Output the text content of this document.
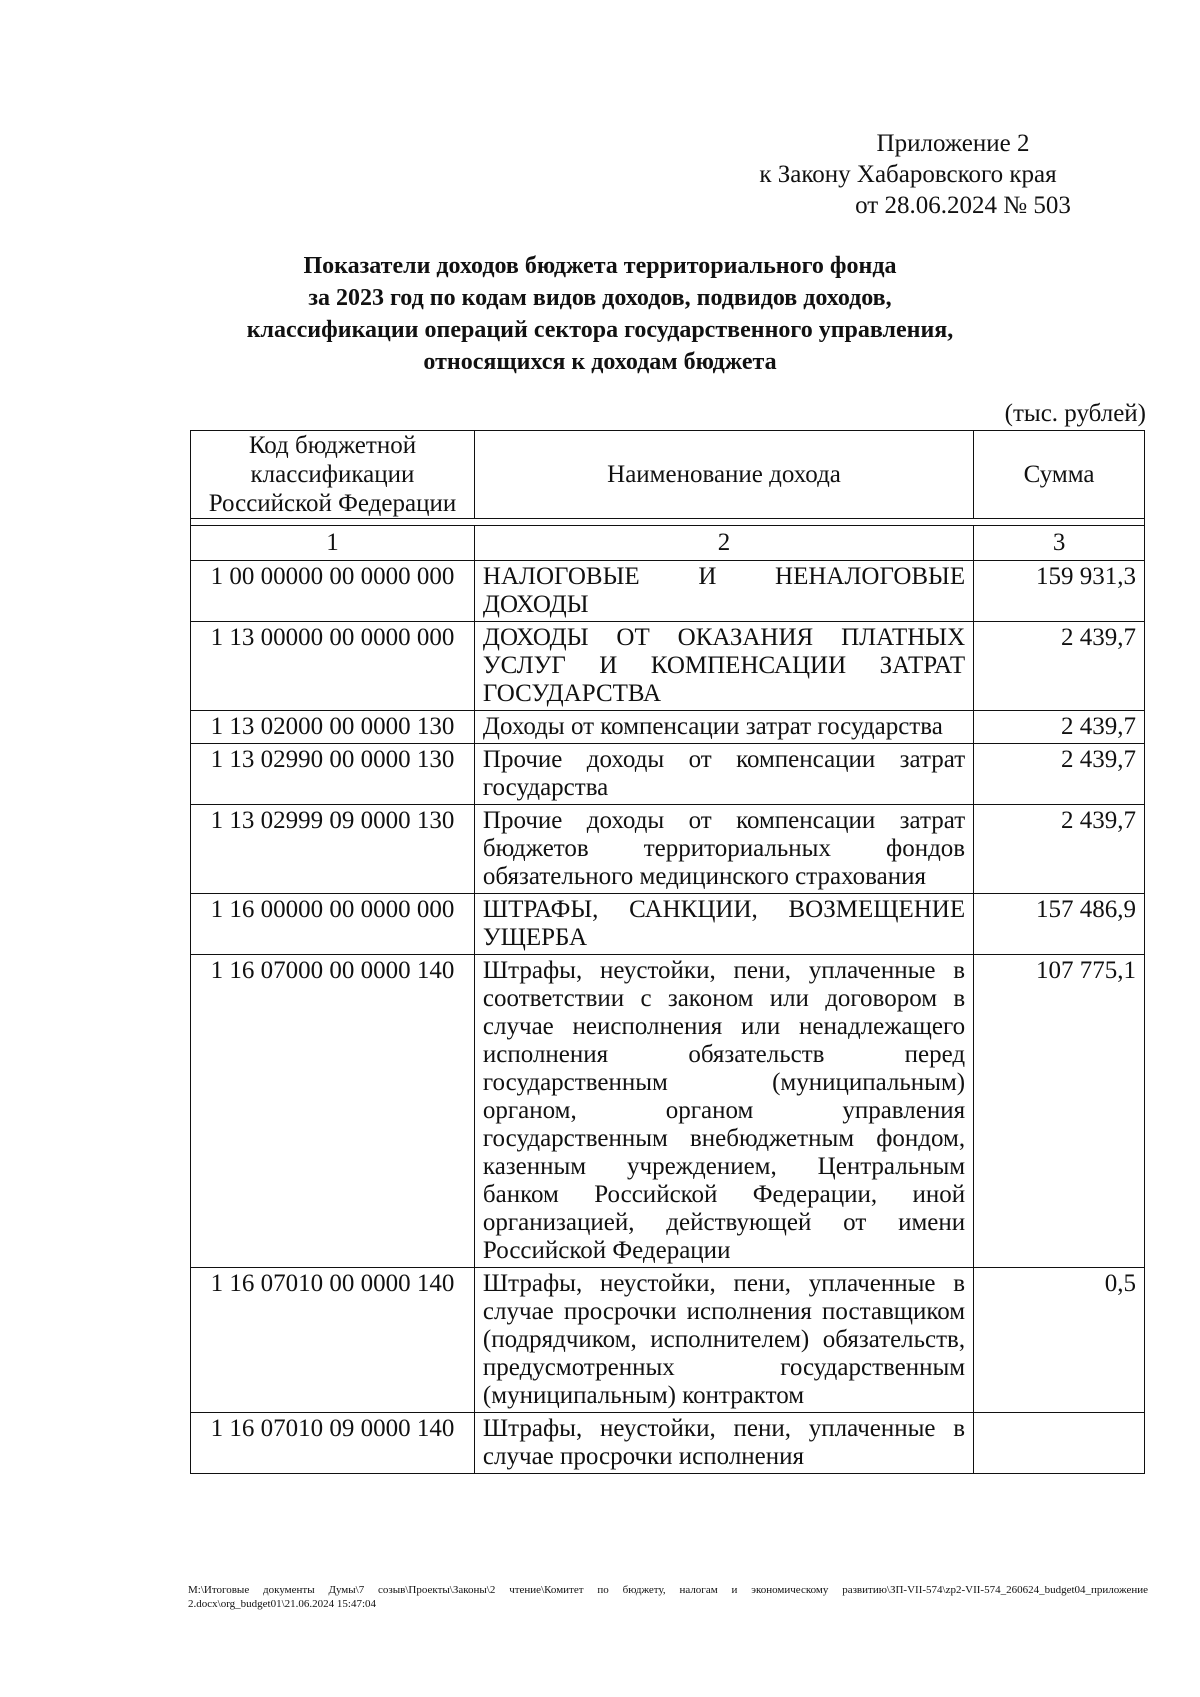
Приложение 2
к Закону Хабаровского края
от 28.06.2024 № 503
Показатели доходов бюджета территориального фонда
за 2023 год по кодам видов доходов, подвидов доходов,
классификации операций сектора государственного управления,
относящихся к доходам бюджета
(тыс. рублей)
Код бюджетной классификации Российской Федерации	Наименование дохода	Сумма

1	2	3
1 00 00000 00 0000 000	НАЛОГОВЫЕ И НЕНАЛОГОВЫЕ ДОХОДЫ	159 931,3
1 13 00000 00 0000 000	ДОХОДЫ ОТ ОКАЗАНИЯ ПЛАТНЫХ УСЛУГ И КОМПЕНСАЦИИ ЗАТРАТ ГОСУДАРСТВА	2 439,7
1 13 02000 00 0000 130	Доходы от компенсации затрат государства	2 439,7
1 13 02990 00 0000 130	Прочие доходы от компенсации затрат государства	2 439,7
1 13 02999 09 0000 130	Прочие доходы от компенсации затрат бюджетов территориальных фондов обязательного медицинского страхования	2 439,7
1 16 00000 00 0000 000	ШТРАФЫ, САНКЦИИ, ВОЗМЕЩЕНИЕ УЩЕРБА	157 486,9
1 16 07000 00 0000 140	Штрафы, неустойки, пени, уплаченные в соответствии с законом или договором в случае неисполнения или ненадлежащего исполнения обязательств перед государственным (муниципальным) органом, органом управления государственным внебюджетным фондом, казенным учреждением, Центральным банком Российской Федерации, иной организацией, действующей от имени Российской Федерации	107 775,1
1 16 07010 00 0000 140	Штрафы, неустойки, пени, уплаченные в случае просрочки исполнения поставщиком (подрядчиком, исполнителем) обязательств, предусмотренных государственным (муниципальным) контрактом	0,5
1 16 07010 09 0000 140	Штрафы, неустойки, пени, уплаченные в случае просрочки исполнения	
M:\Итоговые документы Думы\7 созыв\Проекты\Законы\2 чтение\Комитет по бюджету, налогам и экономическому развитию\ЗП-VII-574\zp2-VII-574_260624_budget04_приложение 2.docx\org_budget01\21.06.2024 15:47:04
